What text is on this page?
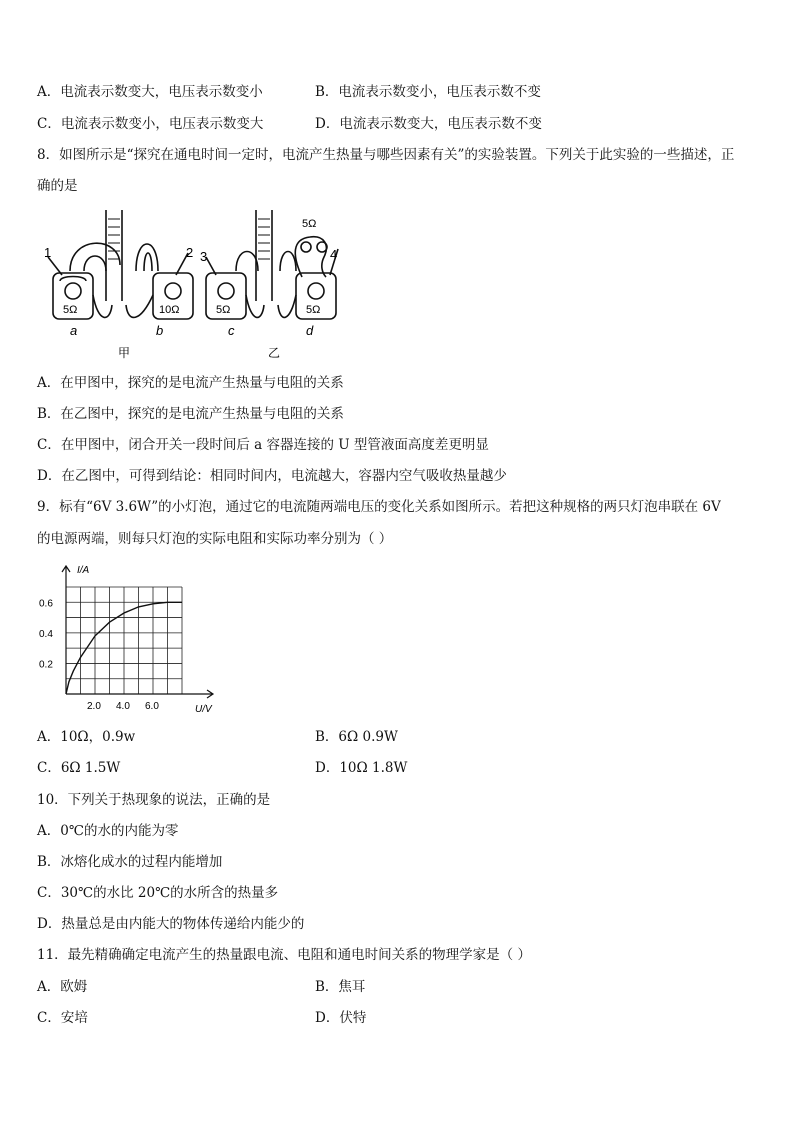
A．电流表示数变大，电压表示数变小	B．电流表示数变小，电压表示数不变
C．电流表示数变小，电压表示数变大	D．电流表示数变大，电压表示数不变
8．如图所示是“探究在通电时间一定时，电流产生热量与哪些因素有关”的实验装置。下列关于此实验的一些描述，正
确的是
1	2 3	4
5Ω	10Ω	5Ω	5Ω
5Ω
a	b	c	d
甲	乙
A．在甲图中，探究的是电流产生热量与电阻的关系
B．在乙图中，探究的是电流产生热量与电阻的关系
C．在甲图中，闭合开关一段时间后 a 容器连接的 U 型管液面高度差更明显
D．在乙图中，可得到结论：相同时间内，电流越大，容器内空气吸收热量越少
9．标有“6V 3.6W”的小灯泡，通过它的电流随两端电压的变化关系如图所示。若把这种规格的两只灯泡串联在 6V
的电源两端，则每只灯泡的实际电阻和实际功率分别为（ ）
2.0 4.0 6.0
0.2
0.4
0.6
I/A
U/V
A．10Ω，0.9w	B．6Ω 0.9W
C．6Ω 1.5W	D．10Ω 1.8W
10．下列关于热现象的说法，正确的是
A．0℃的水的内能为零
B．冰熔化成水的过程内能增加
C．30℃的水比 20℃的水所含的热量多
D．热量总是由内能大的物体传递给内能少的
11．最先精确确定电流产生的热量跟电流、电阻和通电时间关系的物理学家是（ ）
A．欧姆	B．焦耳
C．安培	D．伏特
